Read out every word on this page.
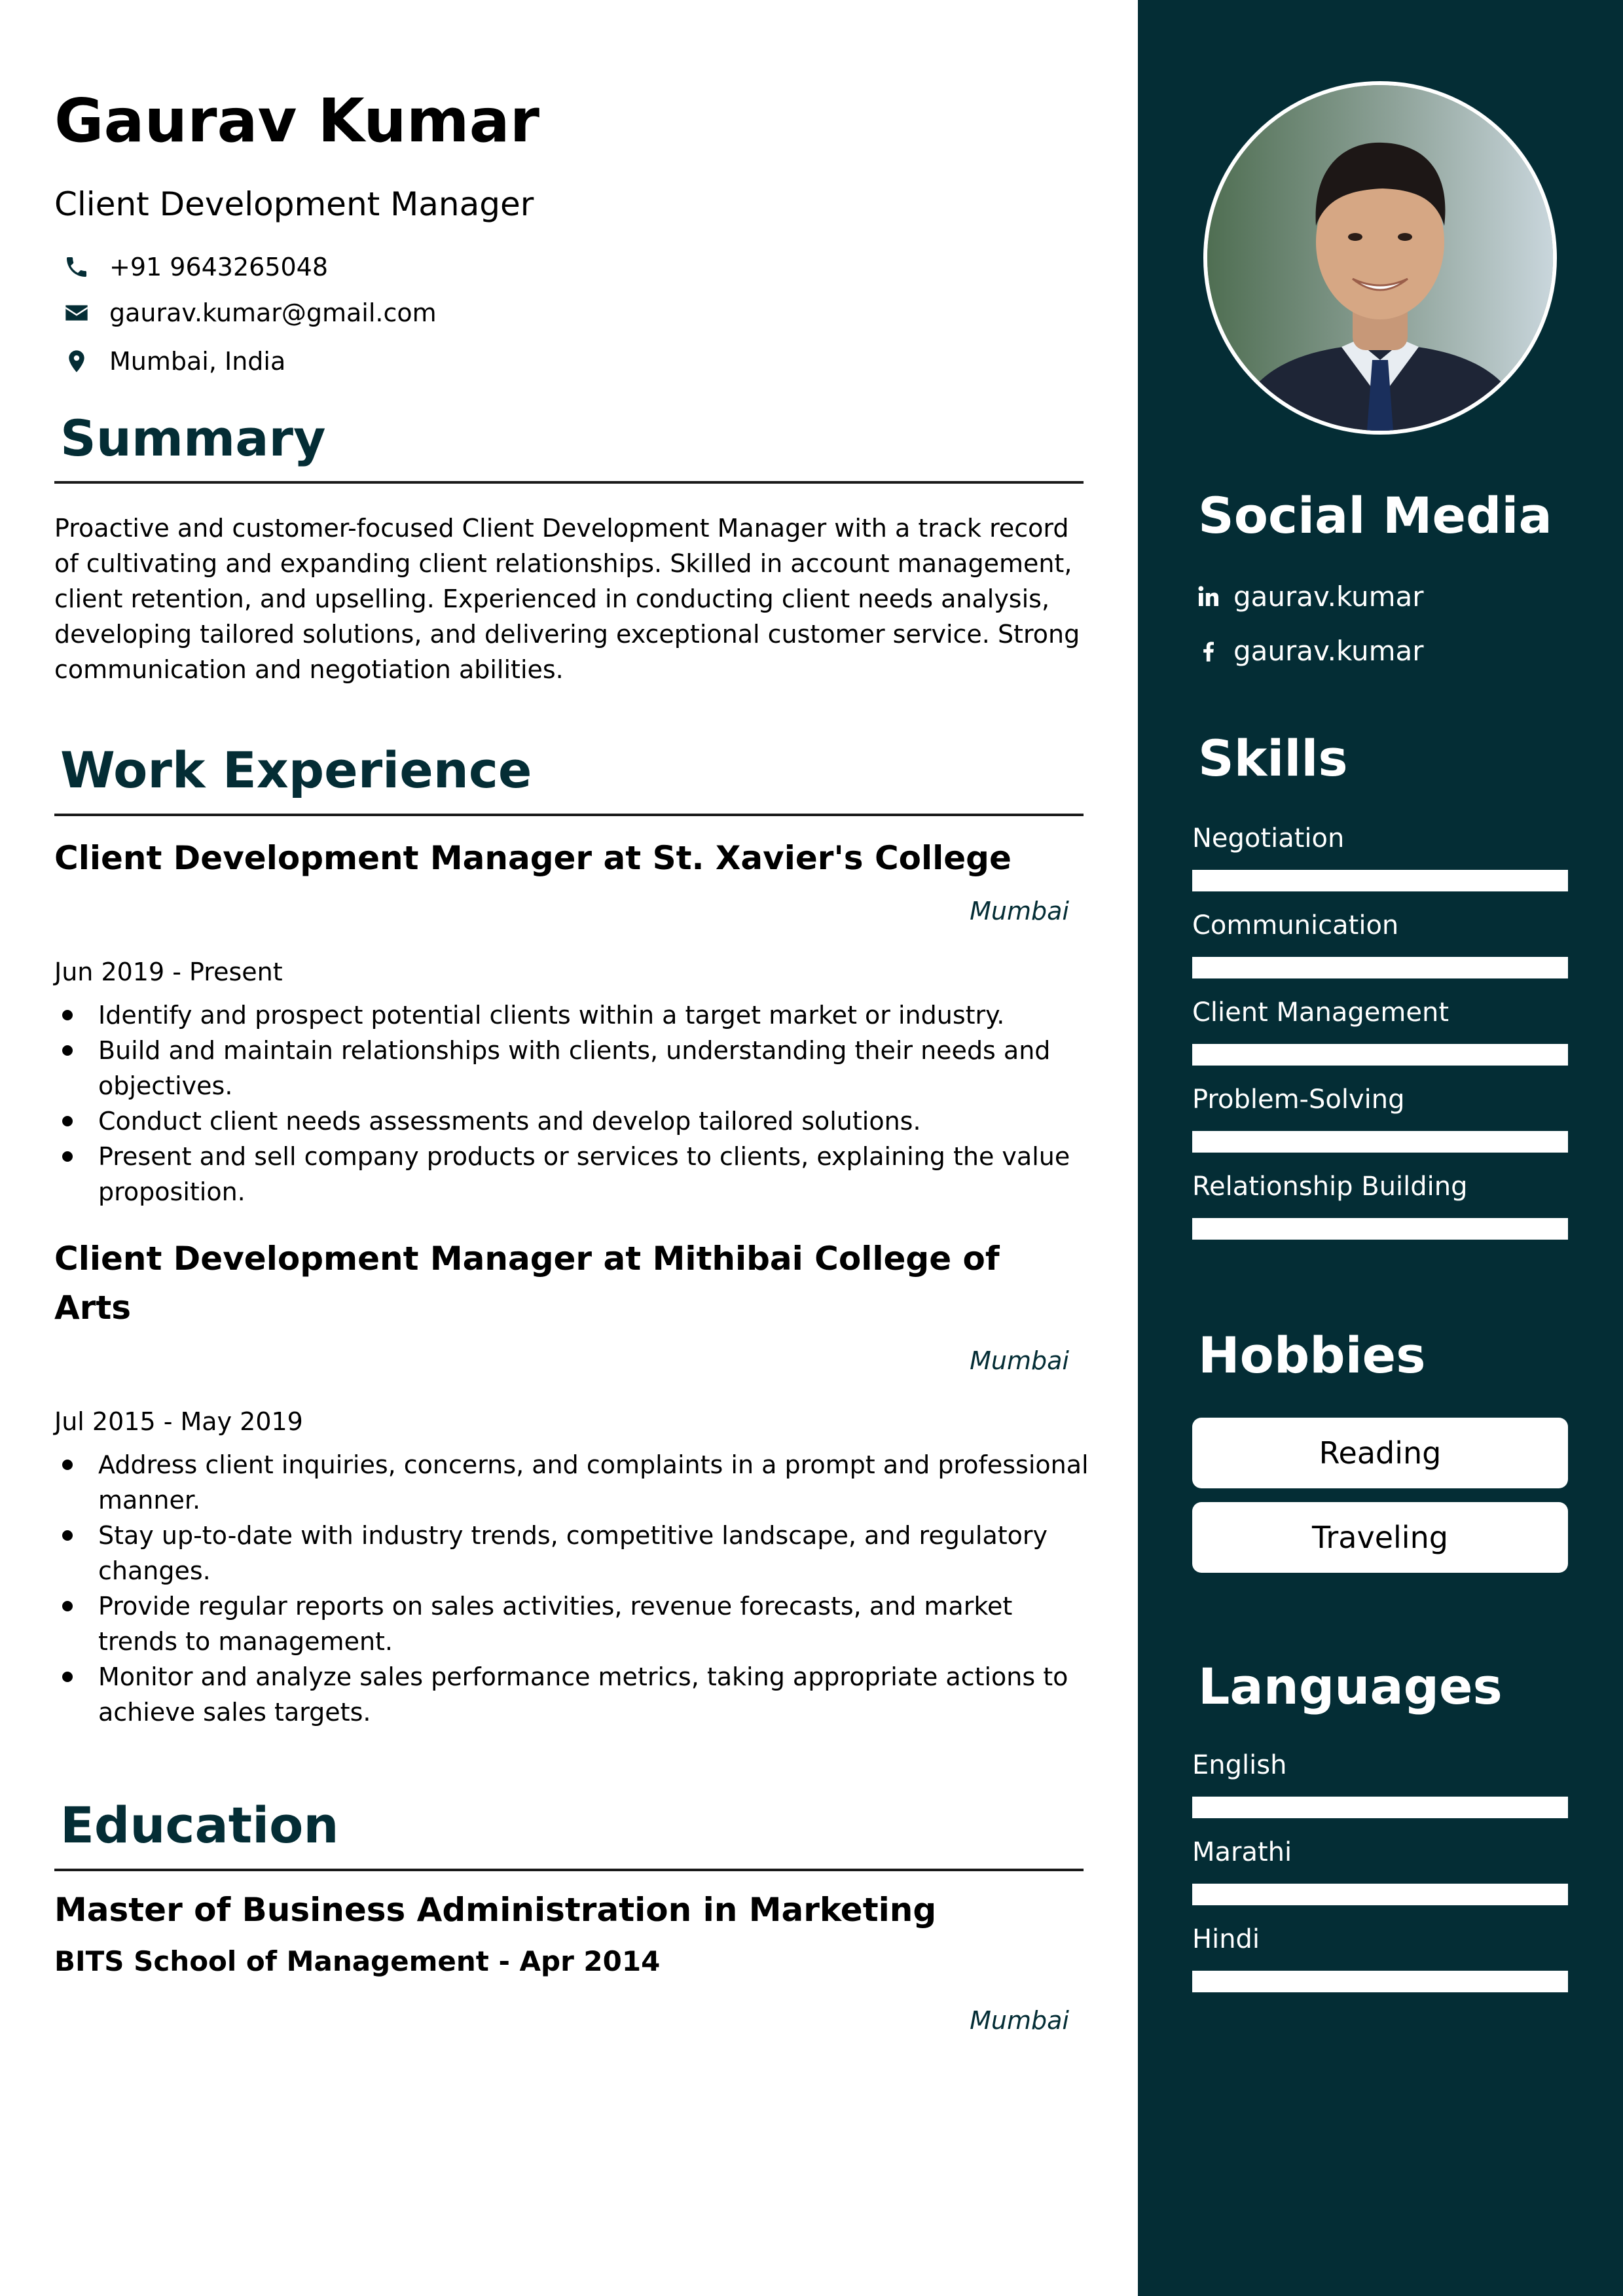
Gaurav Kumar
Client Development Manager
+91 9643265048
gaurav.kumar@gmail.com
Mumbai, India
Summary
Proactive and customer-focused Client Development Manager with a track record of cultivating and expanding client relationships. Skilled in account management, client retention, and upselling. Experienced in conducting client needs analysis, developing tailored solutions, and delivering exceptional customer service. Strong communication and negotiation abilities.
Work Experience
Client Development Manager at St. Xavier's College
Mumbai
Jun 2019 - Present
Identify and prospect potential clients within a target market or industry.
Build and maintain relationships with clients, understanding their needs and objectives.
Conduct client needs assessments and develop tailored solutions.
Present and sell company products or services to clients, explaining the value proposition.
Client Development Manager at Mithibai College of Arts
Mumbai
Jul 2015 - May 2019
Address client inquiries, concerns, and complaints in a prompt and professional manner.
Stay up-to-date with industry trends, competitive landscape, and regulatory changes.
Provide regular reports on sales activities, revenue forecasts, and market trends to management.
Monitor and analyze sales performance metrics, taking appropriate actions to achieve sales targets.
Education
Master of Business Administration in Marketing
BITS School of Management - Apr 2014
Mumbai
Social Media
gaurav.kumar
gaurav.kumar
Skills
Negotiation
Communication
Client Management
Problem-Solving
Relationship Building
Hobbies
Reading
Traveling
Languages
English
Marathi
Hindi
